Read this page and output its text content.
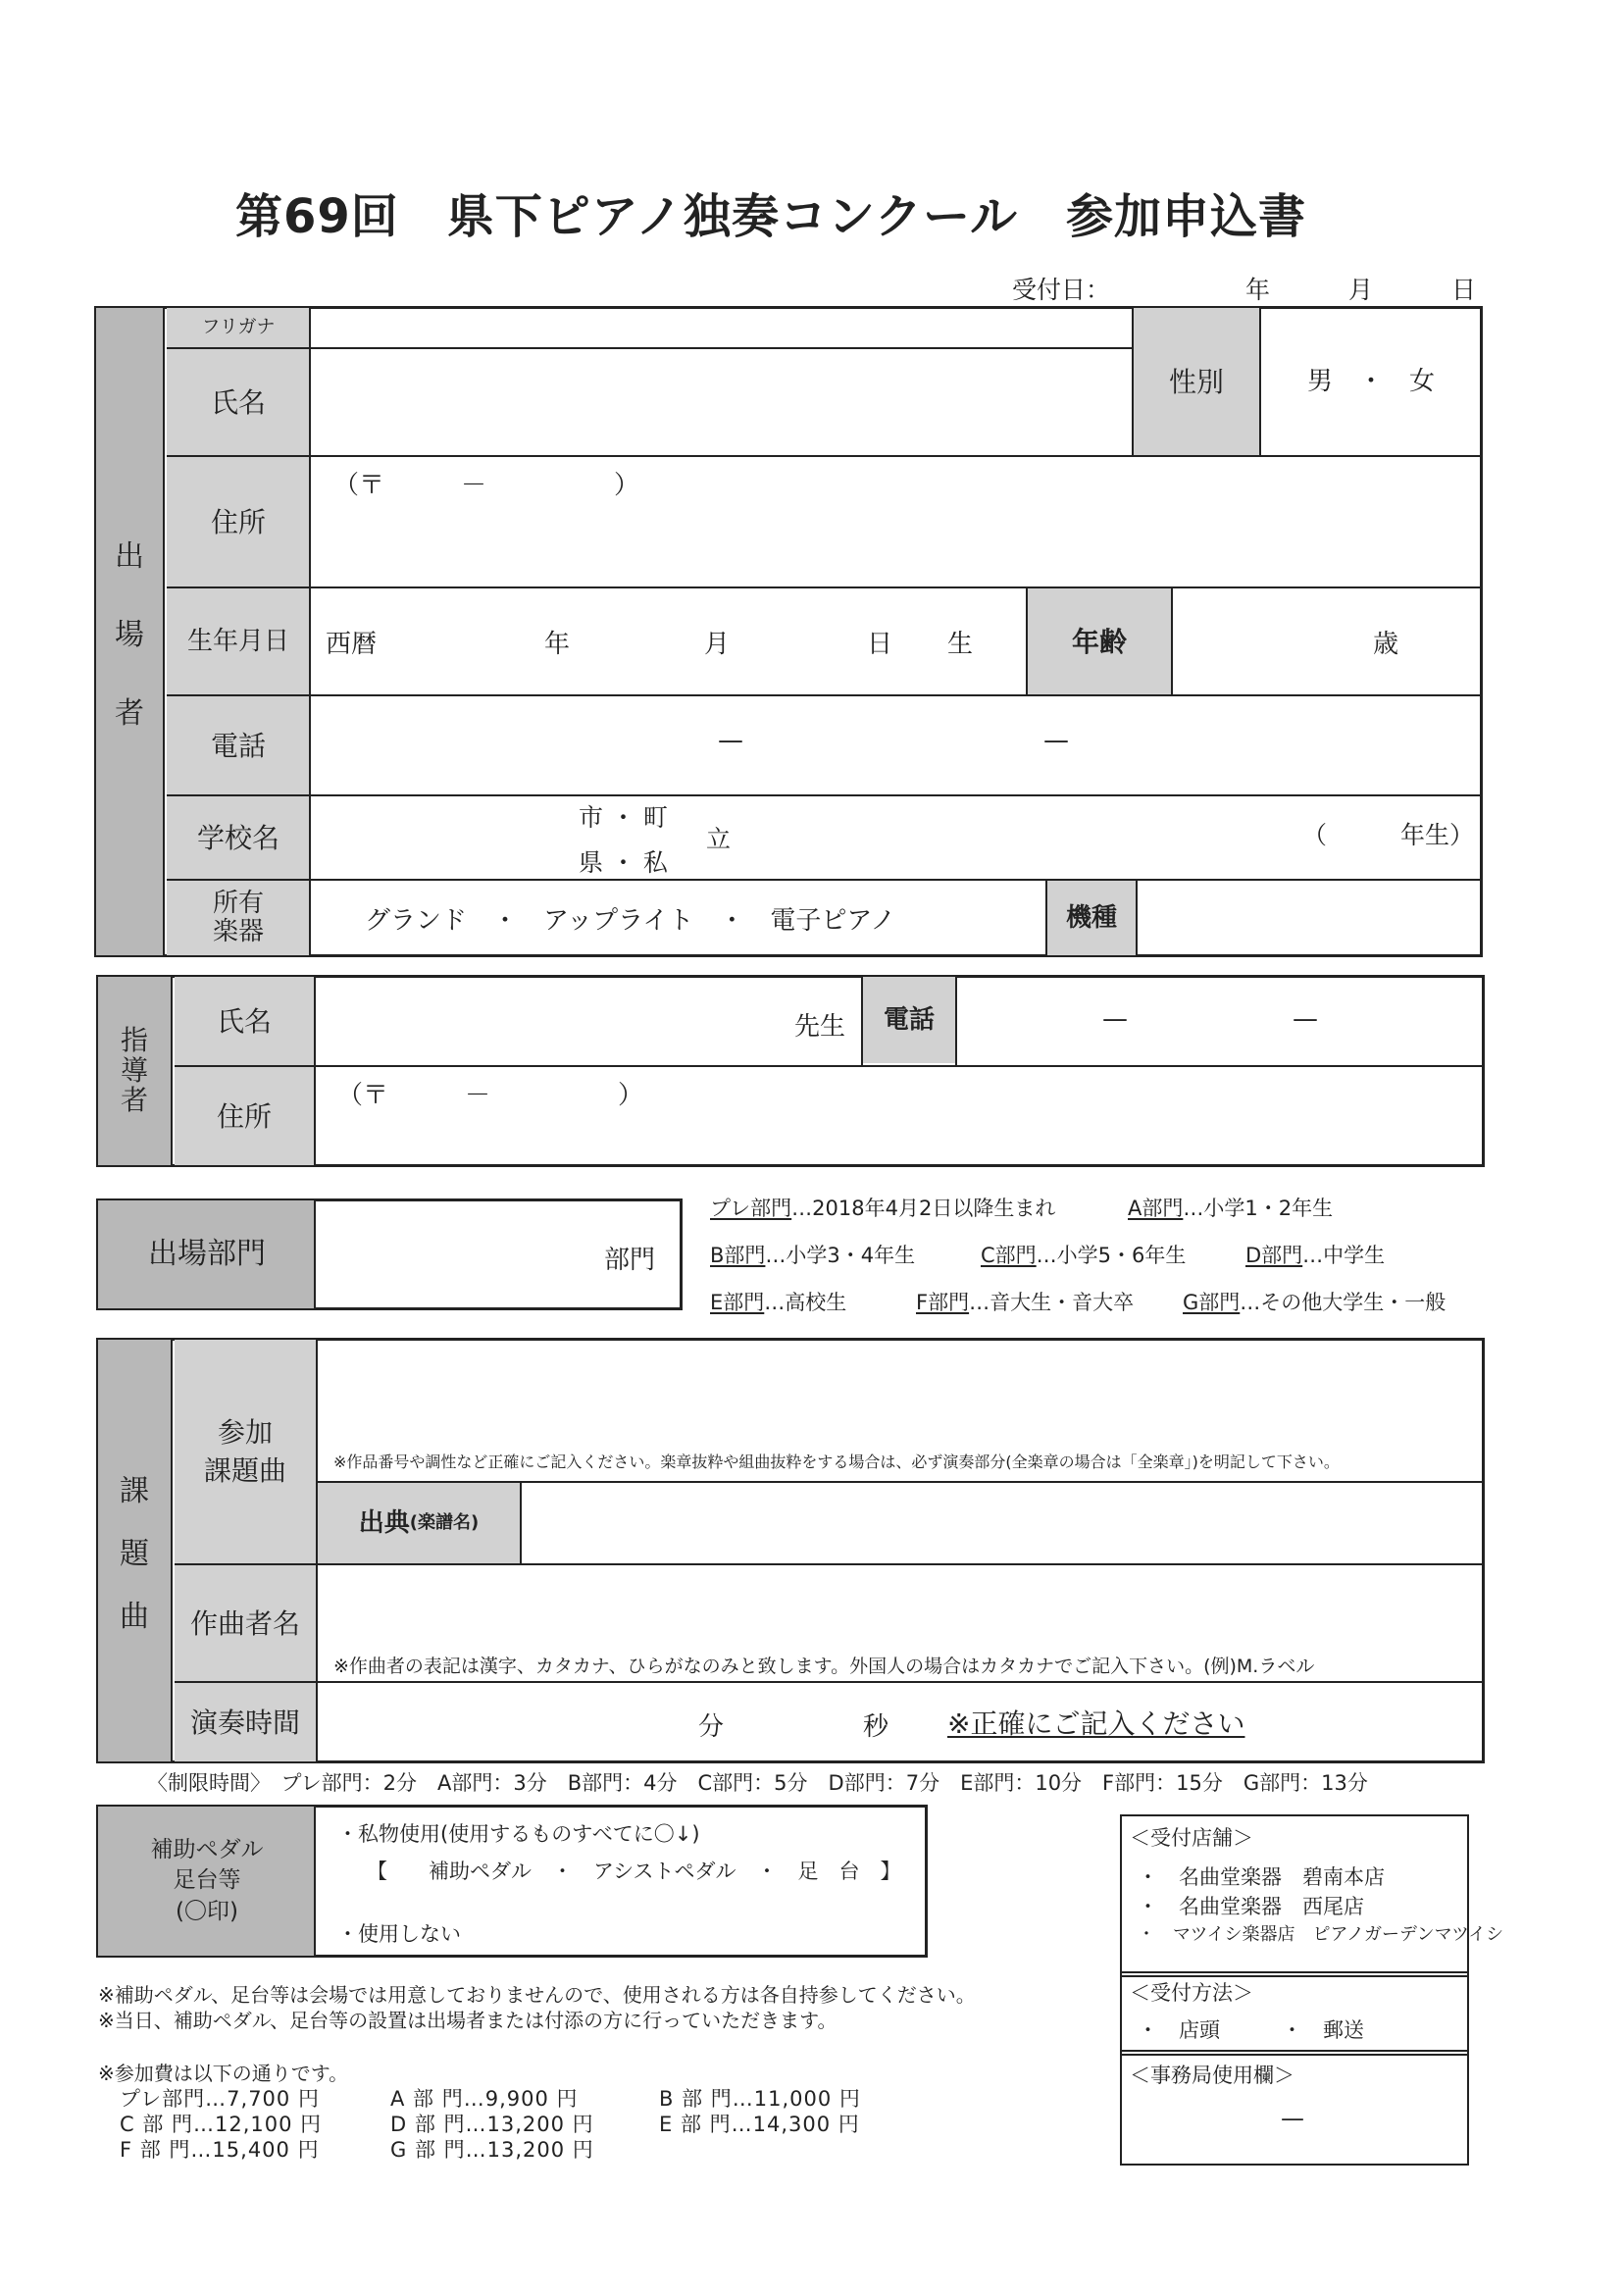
第69回　県下ピアノ独奏コンクール　参加申込書
受付日：	年	月	日
出
場
者
フリガナ
氏名
性別	男　・　女
住所
（〒　　　－　　　　　）
生年月日	西暦	年	月	日 生	年齢	歳
電話	—	—
学校名
市 ・ 町
県 ・ 私
立	（　　　年生）
所有
楽器	グランド　・　アップライト　・　電子ピアノ	機種
指
導
者
氏名	先生	電話	—	—
住所
（〒　　　－　　　　　）
出場部門	部門
プレ部門…2018年4月2日以降生まれ	A部門…小学1・2年生
B部門…小学3・4年生	C部門…小学5・6年生	D部門…中学生
E部門…高校生	F部門…音大生・音大卒 G部門…その他大学生・一般
課
題
曲
参加
課題曲	※作品番号や調性など正確にご記入ください。楽章抜粋や組曲抜粋をする場合は、必ず演奏部分(全楽章の場合は「全楽章」)を明記して下さい。
出典 (楽譜名)
作曲者名
※作曲者の表記は漢字、カタカナ、ひらがなのみと致します。外国人の場合はカタカナでご記入下さい。(例)M.ラベル
演奏時間	分	秒 ※正確にご記入ください
〈制限時間〉　プレ部門：2分　A部門：3分　B部門：4分　C部門：5分　D部門：7分　E部門：10分　F部門：15分　G部門：13分
補助ペダル
足台等
(〇印)
・私物使用(使用するものすべてに〇↓)
【　　補助ペダル　・　アシストペダル　・　足　台　】
・使用しない
＜受付店舗＞
・　名曲堂楽器　碧南本店
・　名曲堂楽器　西尾店
・　マツイシ楽器店　ピアノガーデンマツイシ
＜受付方法＞
・　店頭　　　・　郵送
＜事務局使用欄＞
—
※補助ペダル、足台等は会場では用意しておりませんので、使用される方は各自持参してください。
※当日、補助ペダル、足台等の設置は出場者または付添の方に行っていただきます。
※参加費は以下の通りです。
プレ部門…7,700 円	A 部 門…9,900 円	B 部 門…11,000 円
C 部 門…12,100 円	D 部 門…13,200 円	E 部 門…14,300 円
F 部 門…15,400 円	G 部 門…13,200 円
